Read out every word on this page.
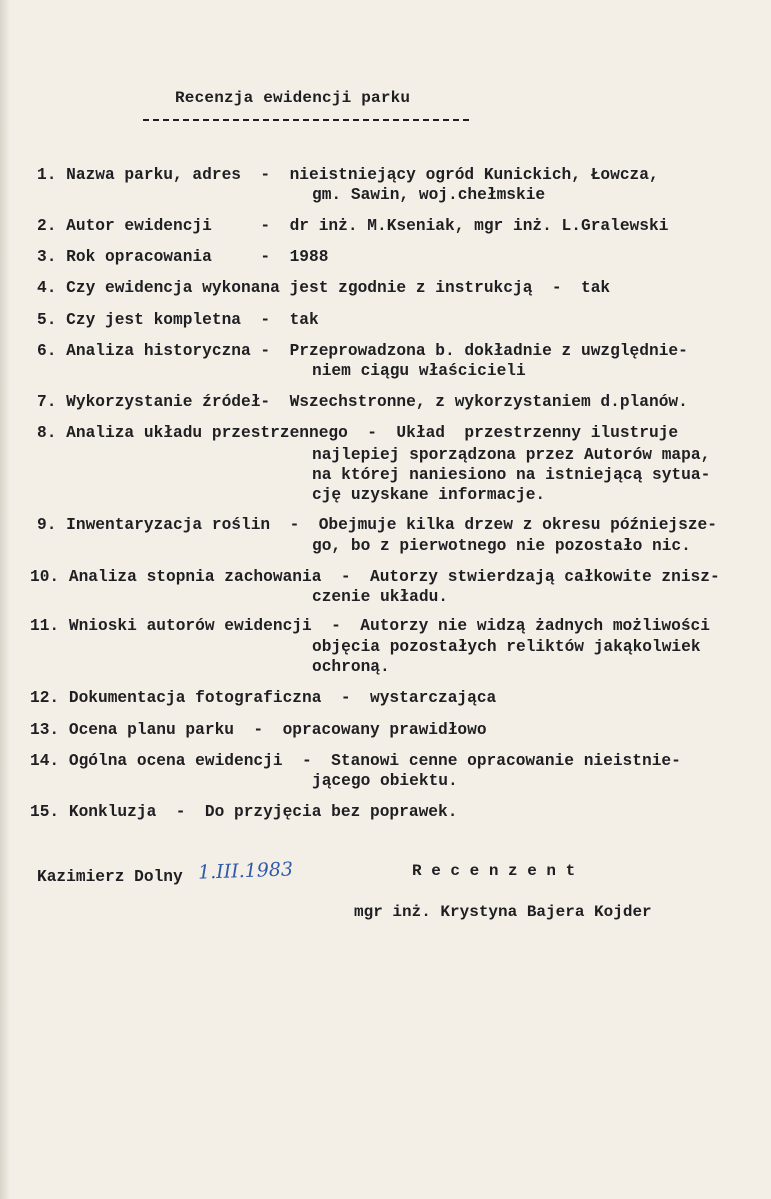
Recenzja ewidencji parku
1. Nazwa parku, adres  -  nieistniejący ogród Kunickich, Łowcza,
gm. Sawin, woj.chełmskie
2. Autor ewidencji     -  dr inż. M.Kseniak, mgr inż. L.Gralewski
3. Rok opracowania     -  1988
4. Czy ewidencja wykonana jest zgodnie z instrukcją  -  tak
5. Czy jest kompletna  -  tak
6. Analiza historyczna -  Przeprowadzona b. dokładnie z uwzględnie-
niem ciągu właścicieli
7. Wykorzystanie źródeł-  Wszechstronne, z wykorzystaniem d.planów.
8. Analiza układu przestrzennego  -  Układ  przestrzenny ilustruje
najlepiej sporządzona przez Autorów mapa,
na której naniesiono na istniejącą sytua-
cję uzyskane informacje.
9. Inwentaryzacja roślin  -  Obejmuje kilka drzew z okresu późniejsze-
go, bo z pierwotnego nie pozostało nic.
10. Analiza stopnia zachowania  -  Autorzy stwierdzają całkowite znisz-
czenie układu.
11. Wnioski autorów ewidencji  -  Autorzy nie widzą żadnych możliwości
objęcia pozostałych reliktów jakąkolwiek
ochroną.
12. Dokumentacja fotograficzna  -  wystarczająca
13. Ocena planu parku  -  opracowany prawidłowo
14. Ogólna ocena ewidencji  -  Stanowi cenne opracowanie nieistnie-
jącego obiektu.
15. Konkluzja  -  Do przyjęcia bez poprawek.
Kazimierz Dolny 1.III.1983	R e c e n z e n t
mgr inż. Krystyna Bajera Kojder
